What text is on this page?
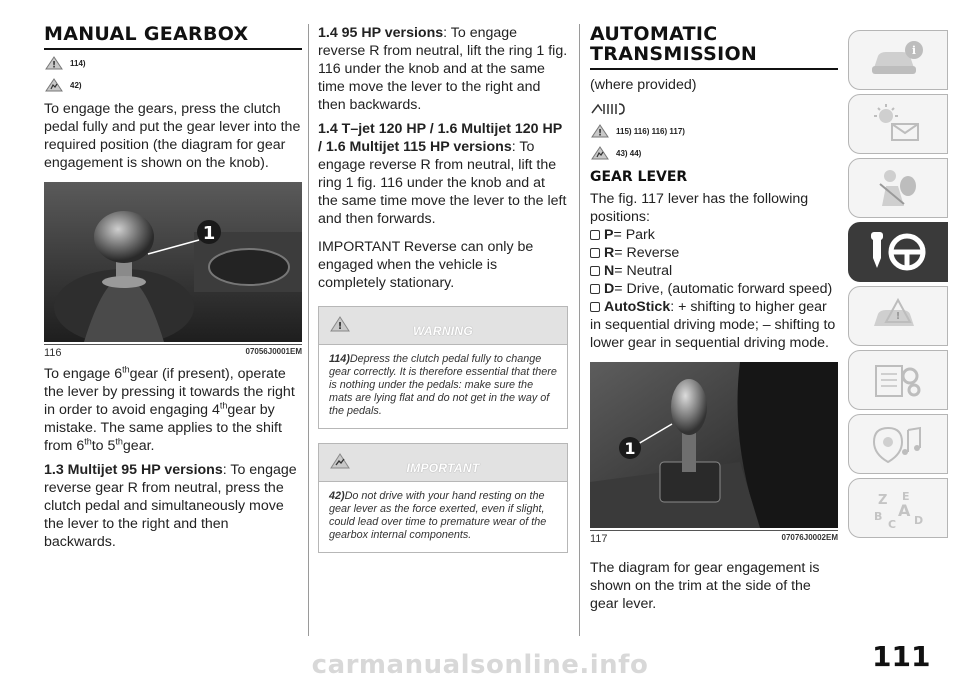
MANUAL GEARBOX
! 114)
42)

To engage the gears, press the clutch pedal fully and put the gear lever into the required position (the diagram for gear engagement is shown on the knob).

1
116	07056J0001EM

To engage 6thgear (if present), operate the lever by pressing it towards the right in order to avoid engaging 4thgear by mistake. The same applies to the shift from 6thto 5thgear.

1.3 Multijet 95 HP versions: To engage reverse gear R from neutral, press the clutch pedal and simultaneously move the lever to the right and then backwards.

1.4 95 HP versions: To engage reverse R from neutral, lift the ring 1 fig. 116 under the knob and at the same time move the lever to the right and then backwards.

1.4 T–jet 120 HP / 1.6 Multijet 120 HP / 1.6 Multijet 115 HP versions: To engage reverse R from neutral, lift the ring 1 fig. 116 under the knob and at the same time move the lever to the left and then forwards.

IMPORTANT Reverse can only be engaged when the vehicle is completely stationary.

!	WARNING
114)Depress the clutch pedal fully to change gear correctly. It is therefore essential that there is nothing under the pedals: make sure the mats are lying flat and do not get in the way of the pedals.
IMPORTANT
42)Do not drive with your hand resting on the gear lever as the force exerted, even if slight, could lead over time to premature wear of the gearbox internal components.
AUTOMATIC
TRANSMISSION

(where provided)

! 115) 116) 116) 117)
43) 44)
GEAR LEVER

The fig. 117 lever has the following positions:

P = Park
R = Reverse
N = Neutral
D = Drive, (automatic forward speed)

AutoStick: + shifting to higher gear in sequential driving mode; – shifting to lower gear in sequential driving mode.

1
117	07076J0002EM

The diagram for gear engagement is shown on the trim at the side of the gear lever.

i
!
Z E
A
B
C D
111
carmanualsonline.info
